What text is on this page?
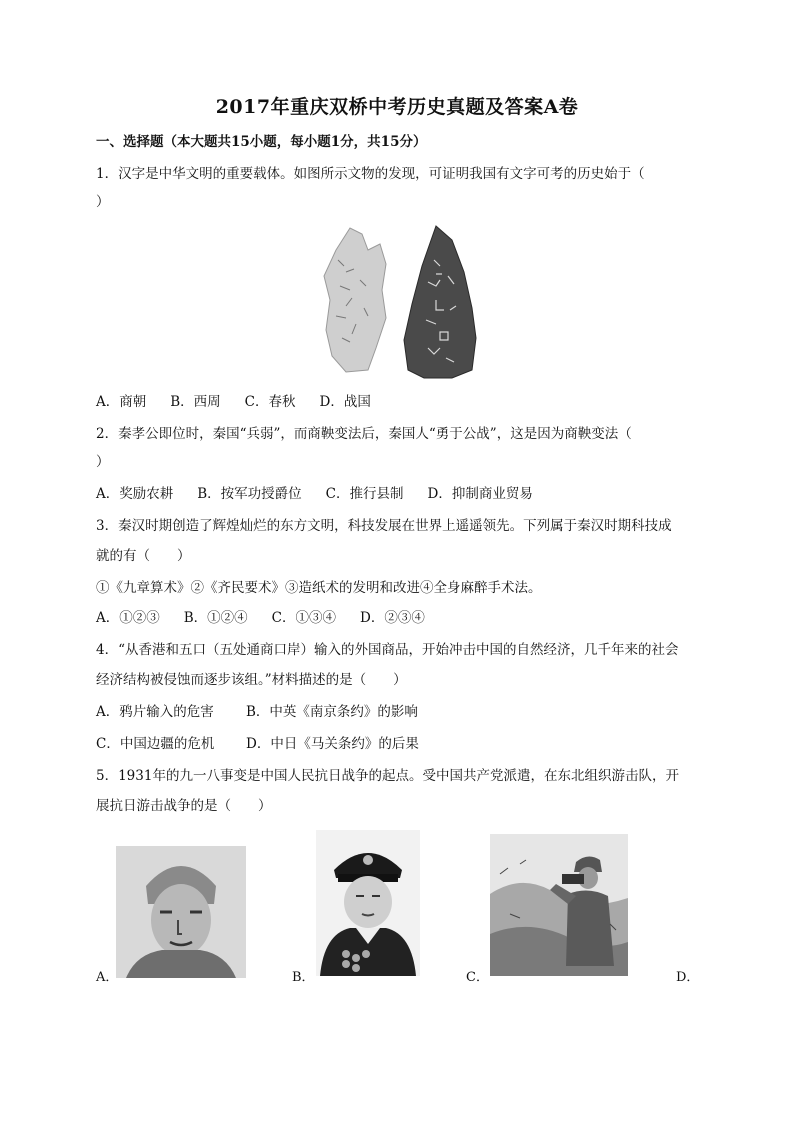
2017年重庆双桥中考历史真题及答案A卷
一、选择题（本大题共15小题，每小题1分，共15分）
1．汉字是中华文明的重要载体。如图所示文物的发现，可证明我国有文字可考的历史始于（
）
A．商朝 B．西周 C．春秋 D．战国
2．秦孝公即位时，秦国“兵弱”，而商鞅变法后，秦国人“勇于公战”，这是因为商鞅变法（
）
A．奖励农耕 B．按军功授爵位 C．推行县制 D．抑制商业贸易
3．秦汉时期创造了辉煌灿烂的东方文明，科技发展在世界上遥遥领先。下列属于秦汉时期科技成
就的有（　　）
①《九章算术》②《齐民要术》③造纸术的发明和改进④全身麻醉手术法。
A．①②③ B．①②④ C．①③④ D．②③④
4．“从香港和五口（五处通商口岸）输入的外国商品，开始冲击中国的自然经济，几千年来的社会
经济结构被侵蚀而逐步该组。”材料描述的是（　　）
A．鸦片输入的危害 B．中英《南京条约》的影响
C．中国边疆的危机 D．中日《马关条约》的后果
5．1931年的九一八事变是中国人民抗日战争的起点。受中国共产党派遣，在东北组织游击队，开
展抗日游击战争的是（　　）
A．	B．	C．	D．
